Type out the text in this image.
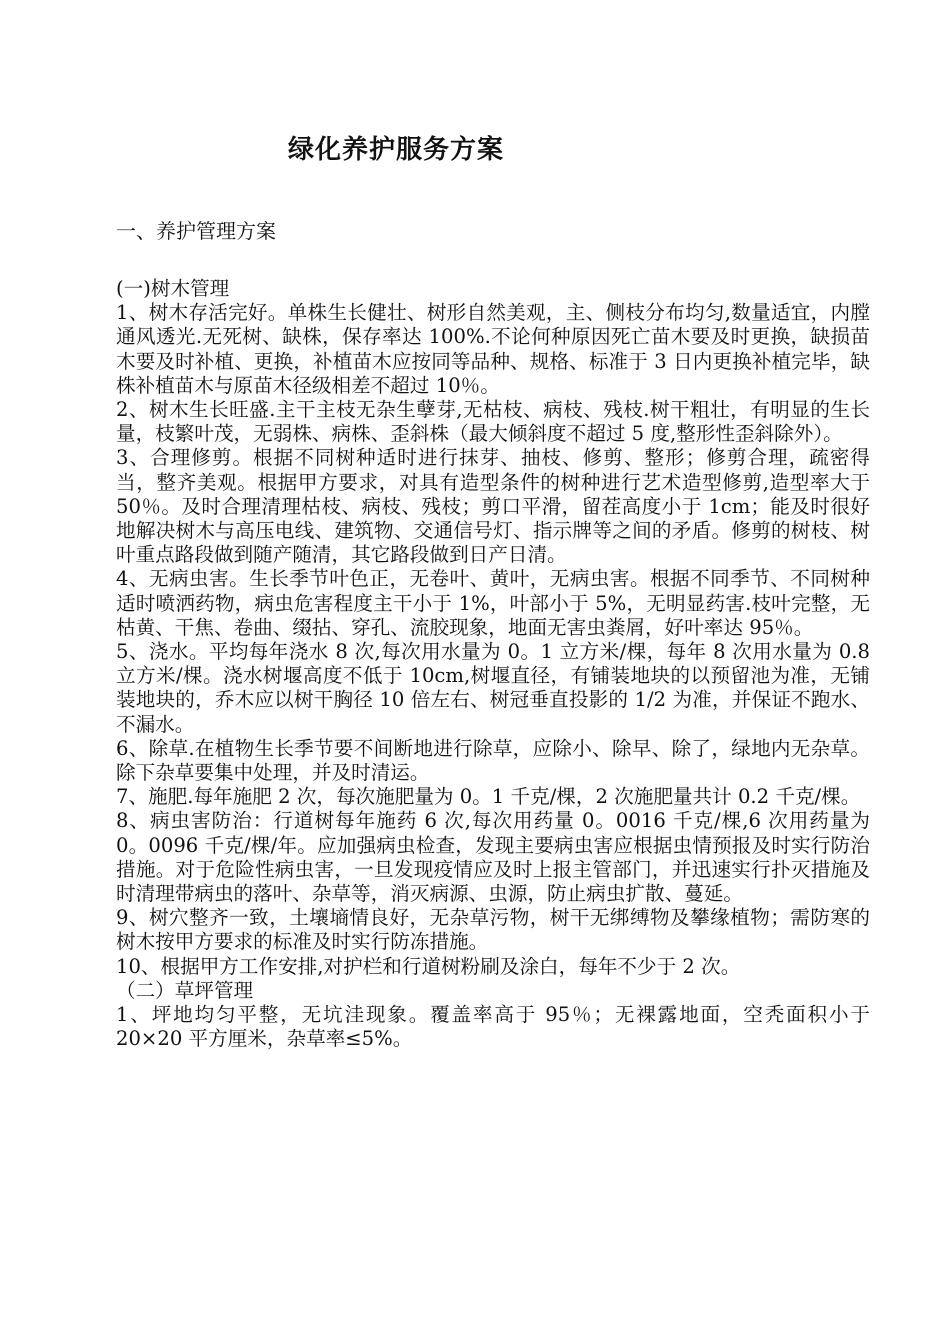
绿化养护服务方案
一、养护管理方案

(一)树木管理

1、树木存活完好。单株生长健壮、树形自然美观，主、侧枝分布均匀,数量适宜，内膛通风透光.无死树、缺株，保存率达 100%.不论何种原因死亡苗木要及时更换，缺损苗木要及时补植、更换，补植苗木应按同等品种、规格、标准于 3 日内更换补植完毕，缺株补植苗木与原苗木径级相差不超过 10％。

2、树木生长旺盛.主干主枝无杂生孽芽,无枯枝、病枝、残枝.树干粗壮，有明显的生长量，枝繁叶茂，无弱株、病株、歪斜株（最大倾斜度不超过 5 度,整形性歪斜除外）。

3、合理修剪。根据不同树种适时进行抹芽、抽枝、修剪、整形；修剪合理，疏密得当，整齐美观。根据甲方要求，对具有造型条件的树种进行艺术造型修剪,造型率大于 50％。及时合理清理枯枝、病枝、残枝；剪口平滑，留茬高度小于 1cm；能及时很好地解决树木与高压电线、建筑物、交通信号灯、指示牌等之间的矛盾。修剪的树枝、树叶重点路段做到随产随清，其它路段做到日产日清。

4、无病虫害。生长季节叶色正，无卷叶、黄叶，无病虫害。根据不同季节、不同树种适时喷洒药物，病虫危害程度主干小于 1%，叶部小于 5%，无明显药害.枝叶完整，无枯黄、干焦、卷曲、缀拈、穿孔、流胶现象，地面无害虫粪屑，好叶率达 95％。

5、浇水。平均每年浇水 8 次,每次用水量为 0。1 立方米/棵，每年 8 次用水量为 0.8 立方米/棵。浇水树堰高度不低于 10cm,树堰直径，有铺装地块的以预留池为准，无铺装地块的，乔木应以树干胸径 10 倍左右、树冠垂直投影的 1/2 为准，并保证不跑水、不漏水。

6、除草.在植物生长季节要不间断地进行除草，应除小、除早、除了，绿地内无杂草。除下杂草要集中处理，并及时清运。

7、施肥.每年施肥 2 次，每次施肥量为 0。1 千克/棵，2 次施肥量共计 0.2 千克/棵。

8、病虫害防治：行道树每年施药 6 次,每次用药量 0。0016 千克/棵,6 次用药量为 0。0096 千克/棵/年。应加强病虫检查，发现主要病虫害应根据虫情预报及时实行防治措施。对于危险性病虫害，一旦发现疫情应及时上报主管部门，并迅速实行扑灭措施及时清理带病虫的落叶、杂草等，消灭病源、虫源，防止病虫扩散、蔓延。

9、树穴整齐一致，土壤墒情良好，无杂草污物，树干无绑缚物及攀缘植物；需防寒的树木按甲方要求的标准及时实行防冻措施。

10、根据甲方工作安排,对护栏和行道树粉刷及涂白，每年不少于 2 次。

（二）草坪管理

1、坪地均匀平整，无坑洼现象。覆盖率高于 95％；无裸露地面，空秃面积小于 20×20 平方厘米，杂草率≤5%。
